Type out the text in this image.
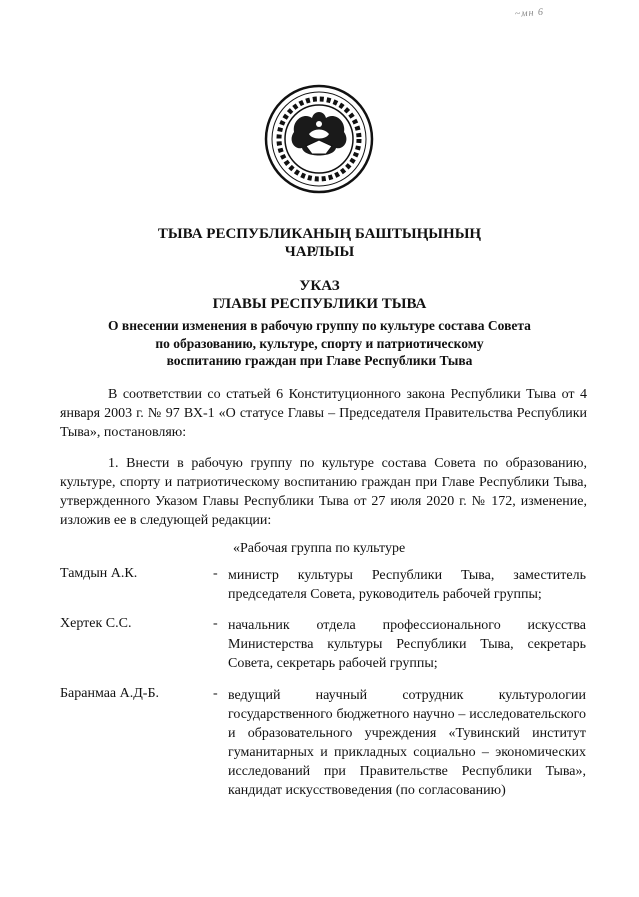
~мн 6
ТЫВА РЕСПУБЛИКАНЫҢ БАШТЫҢЫНЫҢ
ЧАРЛЫЫ
УКАЗ
ГЛАВЫ РЕСПУБЛИКИ ТЫВА
О внесении изменения в рабочую группу по культуре состава Совета
по образованию, культуре, спорту и патриотическому
воспитанию граждан при Главе Республики Тыва
В соответствии со статьей 6 Конституционного закона Республики Тыва от 4 января 2003 г. № 97 ВХ-1 «О статусе Главы – Председателя Правительства Республики Тыва», постановляю:
1. Внести в рабочую группу по культуре состава Совета по образованию, культуре, спорту и патриотическому воспитанию граждан при Главе Республики Тыва, утвержденного Указом Главы Республики Тыва от 27 июля 2020 г. № 172, изменение, изложив ее в следующей редакции:
«Рабочая группа по культуре
Тамдын А.К.	- министр культуры Республики Тыва, заместитель председателя Совета, руководитель рабочей группы;
Хертек С.С.	- начальник отдела профессионального искусства Министерства культуры Республики Тыва, секретарь Совета, секретарь рабочей группы;
Баранмаа А.Д-Б.	- ведущий научный сотрудник культурологии государственного бюджетного научно – исследовательского и образовательного учреждения «Тувинский институт гуманитарных и прикладных социально – экономических исследований при Правительстве Республики Тыва», кандидат искусствоведения (по согласованию)
